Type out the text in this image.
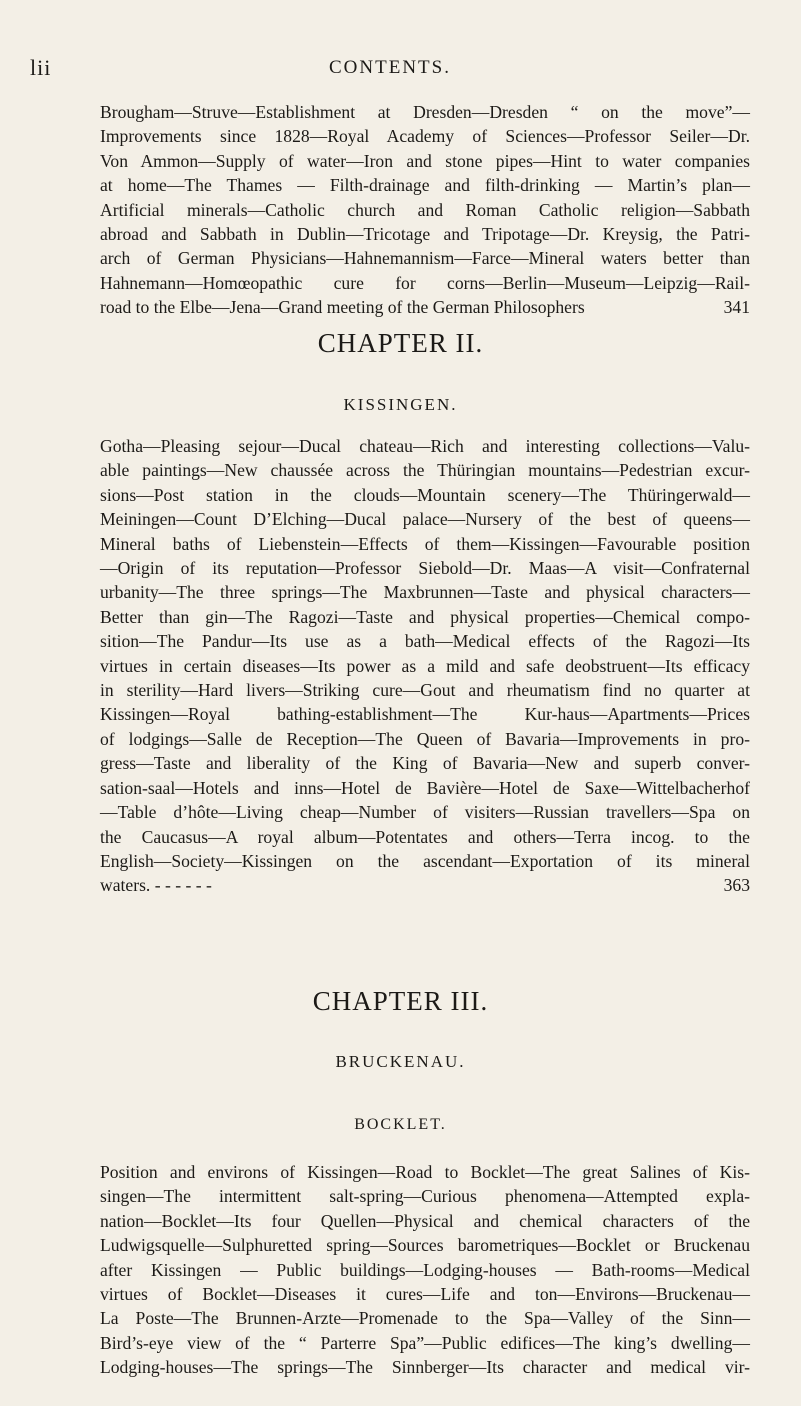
lii	CONTENTS.
Brougham—Struve—Establishment at Dresden—Dresden “ on the move”—
Improvements since 1828—Royal Academy of Sciences—Professor Seiler—Dr.
Von Ammon—Supply of water—Iron and stone pipes—Hint to water companies
at home—The Thames — Filth-drainage and filth-drinking — Martin’s plan—
Artificial minerals—Catholic church and Roman Catholic religion—Sabbath
abroad and Sabbath in Dublin—Tricotage and Tripotage—Dr. Kreysig, the Patri-
arch of German Physicians—Hahnemannism—Farce—Mineral waters better than
Hahnemann—Homœopathic cure for corns—Berlin—Museum—Leipzig—Rail-
road to the Elbe—Jena—Grand meeting of the German Philosophers	341
CHAPTER II.
KISSINGEN.
Gotha—Pleasing sejour—Ducal chateau—Rich and interesting collections—Valu-
able paintings—New chaussée across the Thüringian mountains—Pedestrian excur-
sions—Post station in the clouds—Mountain scenery—The Thüringerwald—
Meiningen—Count D’Elching—Ducal palace—Nursery of the best of queens—
Mineral baths of Liebenstein—Effects of them—Kissingen—Favourable position
—Origin of its reputation—Professor Siebold—Dr. Maas—A visit—Confraternal
urbanity—The three springs—The Maxbrunnen—Taste and physical characters—
Better than gin—The Ragozi—Taste and physical properties—Chemical compo-
sition—The Pandur—Its use as a bath—Medical effects of the Ragozi—Its
virtues in certain diseases—Its power as a mild and safe deobstruent—Its efficacy
in sterility—Hard livers—Striking cure—Gout and rheumatism find no quarter at
Kissingen—Royal bathing-establishment—The Kur-haus—Apartments—Prices
of lodgings—Salle de Reception—The Queen of Bavaria—Improvements in pro-
gress—Taste and liberality of the King of Bavaria—New and superb conver-
sation-saal—Hotels and inns—Hotel de Bavière—Hotel de Saxe—Wittelbacherhof
—Table d’hôte—Living cheap—Number of visiters—Russian travellers—Spa on
the Caucasus—A royal album—Potentates and others—Terra incog. to the
English—Society—Kissingen on the ascendant—Exportation of its mineral
waters. - - - - - -	363
CHAPTER III.
BRUCKENAU.
BOCKLET.
Position and environs of Kissingen—Road to Bocklet—The great Salines of Kis-
singen—The intermittent salt-spring—Curious phenomena—Attempted expla-
nation—Bocklet—Its four Quellen—Physical and chemical characters of the
Ludwigsquelle—Sulphuretted spring—Sources barometriques—Bocklet or Bruckenau
after Kissingen — Public buildings—Lodging-houses — Bath-rooms—Medical
virtues of Bocklet—Diseases it cures—Life and ton—Environs—Bruckenau—
La Poste—The Brunnen-Arzte—Promenade to the Spa—Valley of the Sinn—
Bird’s-eye view of the “ Parterre Spa”—Public edifices—The king’s dwelling—
Lodging-houses—The springs—The Sinnberger—Its character and medical vir-
